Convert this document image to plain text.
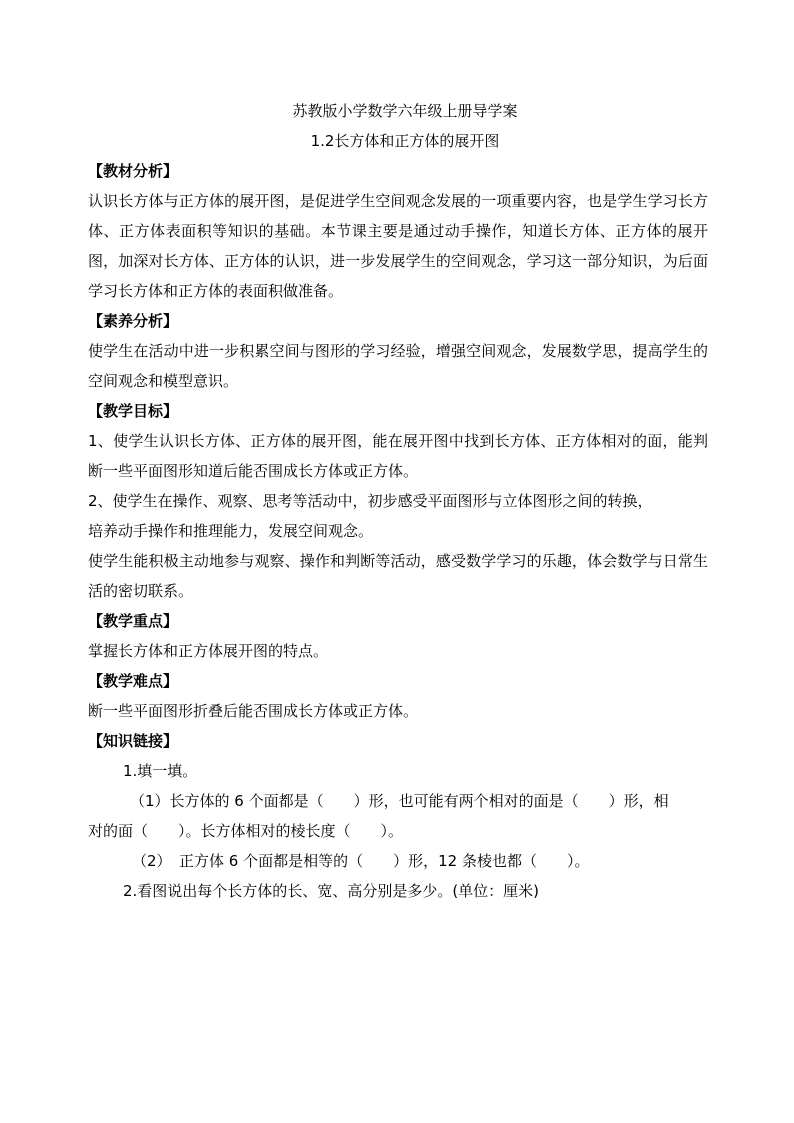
苏教版小学数学六年级上册导学案
1.2长方体和正方体的展开图
【教材分析】

认识长方体与正方体的展开图，是促进学生空间观念发展的一项重要内容，也是学生学习长方体、正方体表面积等知识的基础。本节课主要是通过动手操作，知道长方体、正方体的展开图，加深对长方体、正方体的认识，进一步发展学生的空间观念，学习这一部分知识，为后面学习长方体和正方体的表面积做准备。

【素养分析】

使学生在活动中进一步积累空间与图形的学习经验，增强空间观念，发展数学思，提高学生的空间观念和模型意识。

【教学目标】

1、使学生认识长方体、正方体的展开图，能在展开图中找到长方体、正方体相对的面，能判断一些平面图形知道后能否围成长方体或正方体。

2、使学生在操作、观察、思考等活动中，初步感受平面图形与立体图形之间的转换，
培养动手操作和推理能力，发展空间观念。

使学生能积极主动地参与观察、操作和判断等活动，感受数学学习的乐趣，体会数学与日常生活的密切联系。

【教学重点】
掌握长方体和正方体展开图的特点。
【教学难点】
断一些平面图形折叠后能否围成长方体或正方体。
【知识链接】
1.填一填。
（1）长方体的 6 个面都是（　　）形，也可能有两个相对的面是（　　）形，相
对的面（　　）。长方体相对的棱长度（　　）。
（2）　正方体 6 个面都是相等的（　　）形，12 条棱也都（　　）。
2.看图说出每个长方体的长、宽、高分别是多少。(单位：厘米)
